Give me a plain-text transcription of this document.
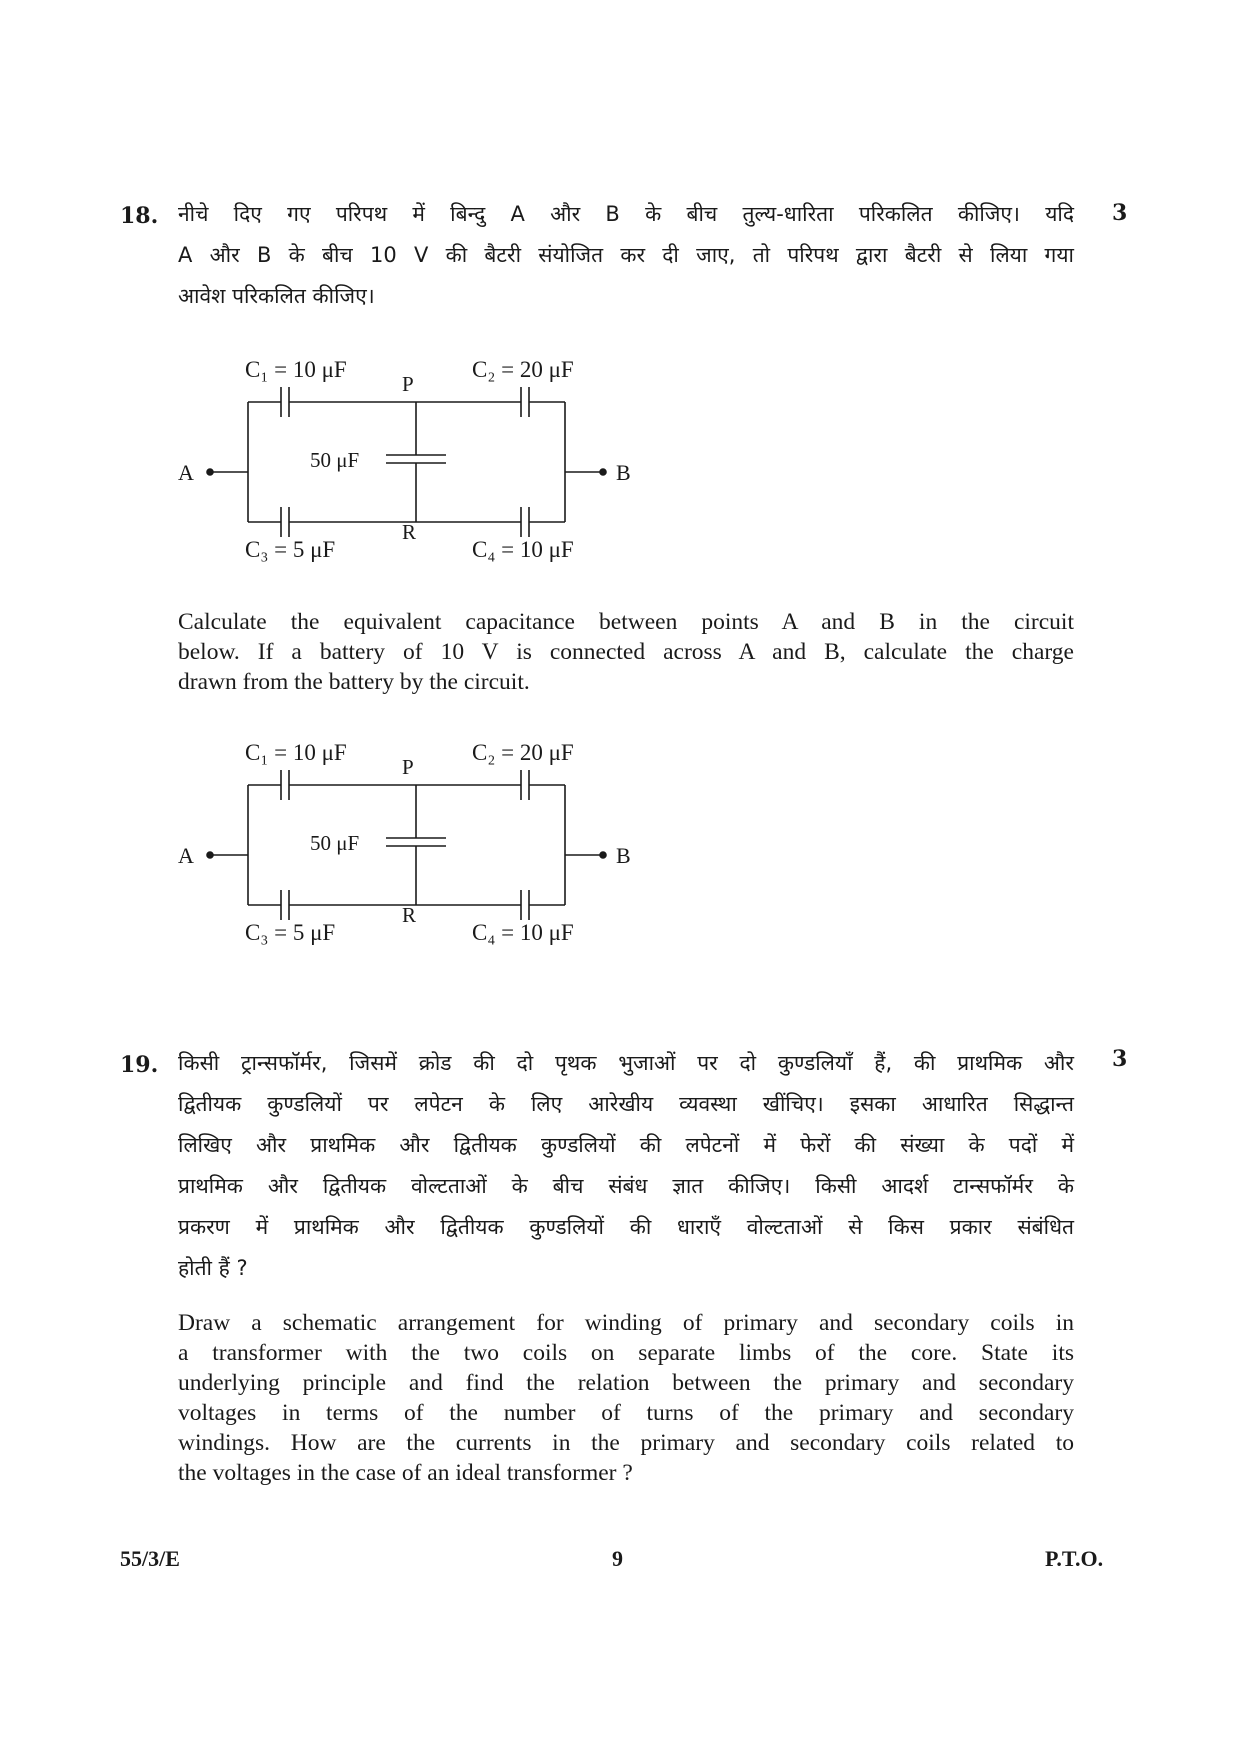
18.	3
नीचे दिए गए परिपथ में बिन्दु A और B के बीच तुल्य-धारिता परिकलित कीजिए। यदि
A और B के बीच 10 V की बैटरी संयोजित कर दी जाए, तो परिपथ द्वारा बैटरी से लिया गया
आवेश परिकलित कीजिए।
C₁ = 10 μF	C₂ = 20 μF
P
50 μF
A	B
R
C₃ = 5 μF	C₄ = 10 μF
Calculate the equivalent capacitance between points A and B in the circuit
below. If a battery of 10 V is connected across A and B, calculate the charge
drawn from the battery by the circuit.
C₁ = 10 μF	C₂ = 20 μF
P
50 μF
A	B
R
C₃ = 5 μF	C₄ = 10 μF
19.	3
किसी ट्रान्सफॉर्मर, जिसमें क्रोड की दो पृथक भुजाओं पर दो कुण्डलियाँ हैं, की प्राथमिक और
द्वितीयक कुण्डलियों पर लपेटन के लिए आरेखीय व्यवस्था खींचिए। इसका आधारित सिद्धान्त
लिखिए और प्राथमिक और द्वितीयक कुण्डलियों की लपेटनों में फेरों की संख्या के पदों में
प्राथमिक और द्वितीयक वोल्टताओं के बीच संबंध ज्ञात कीजिए। किसी आदर्श टान्सफॉर्मर के
प्रकरण में प्राथमिक और द्वितीयक कुण्डलियों की धाराएँ वोल्टताओं से किस प्रकार संबंधित
होती हैं ?
Draw a schematic arrangement for winding of primary and secondary coils in
a transformer with the two coils on separate limbs of the core. State its
underlying principle and find the relation between the primary and secondary
voltages in terms of the number of turns of the primary and secondary
windings. How are the currents in the primary and secondary coils related to
the voltages in the case of an ideal transformer ?
55/3/E	9	P.T.O.
